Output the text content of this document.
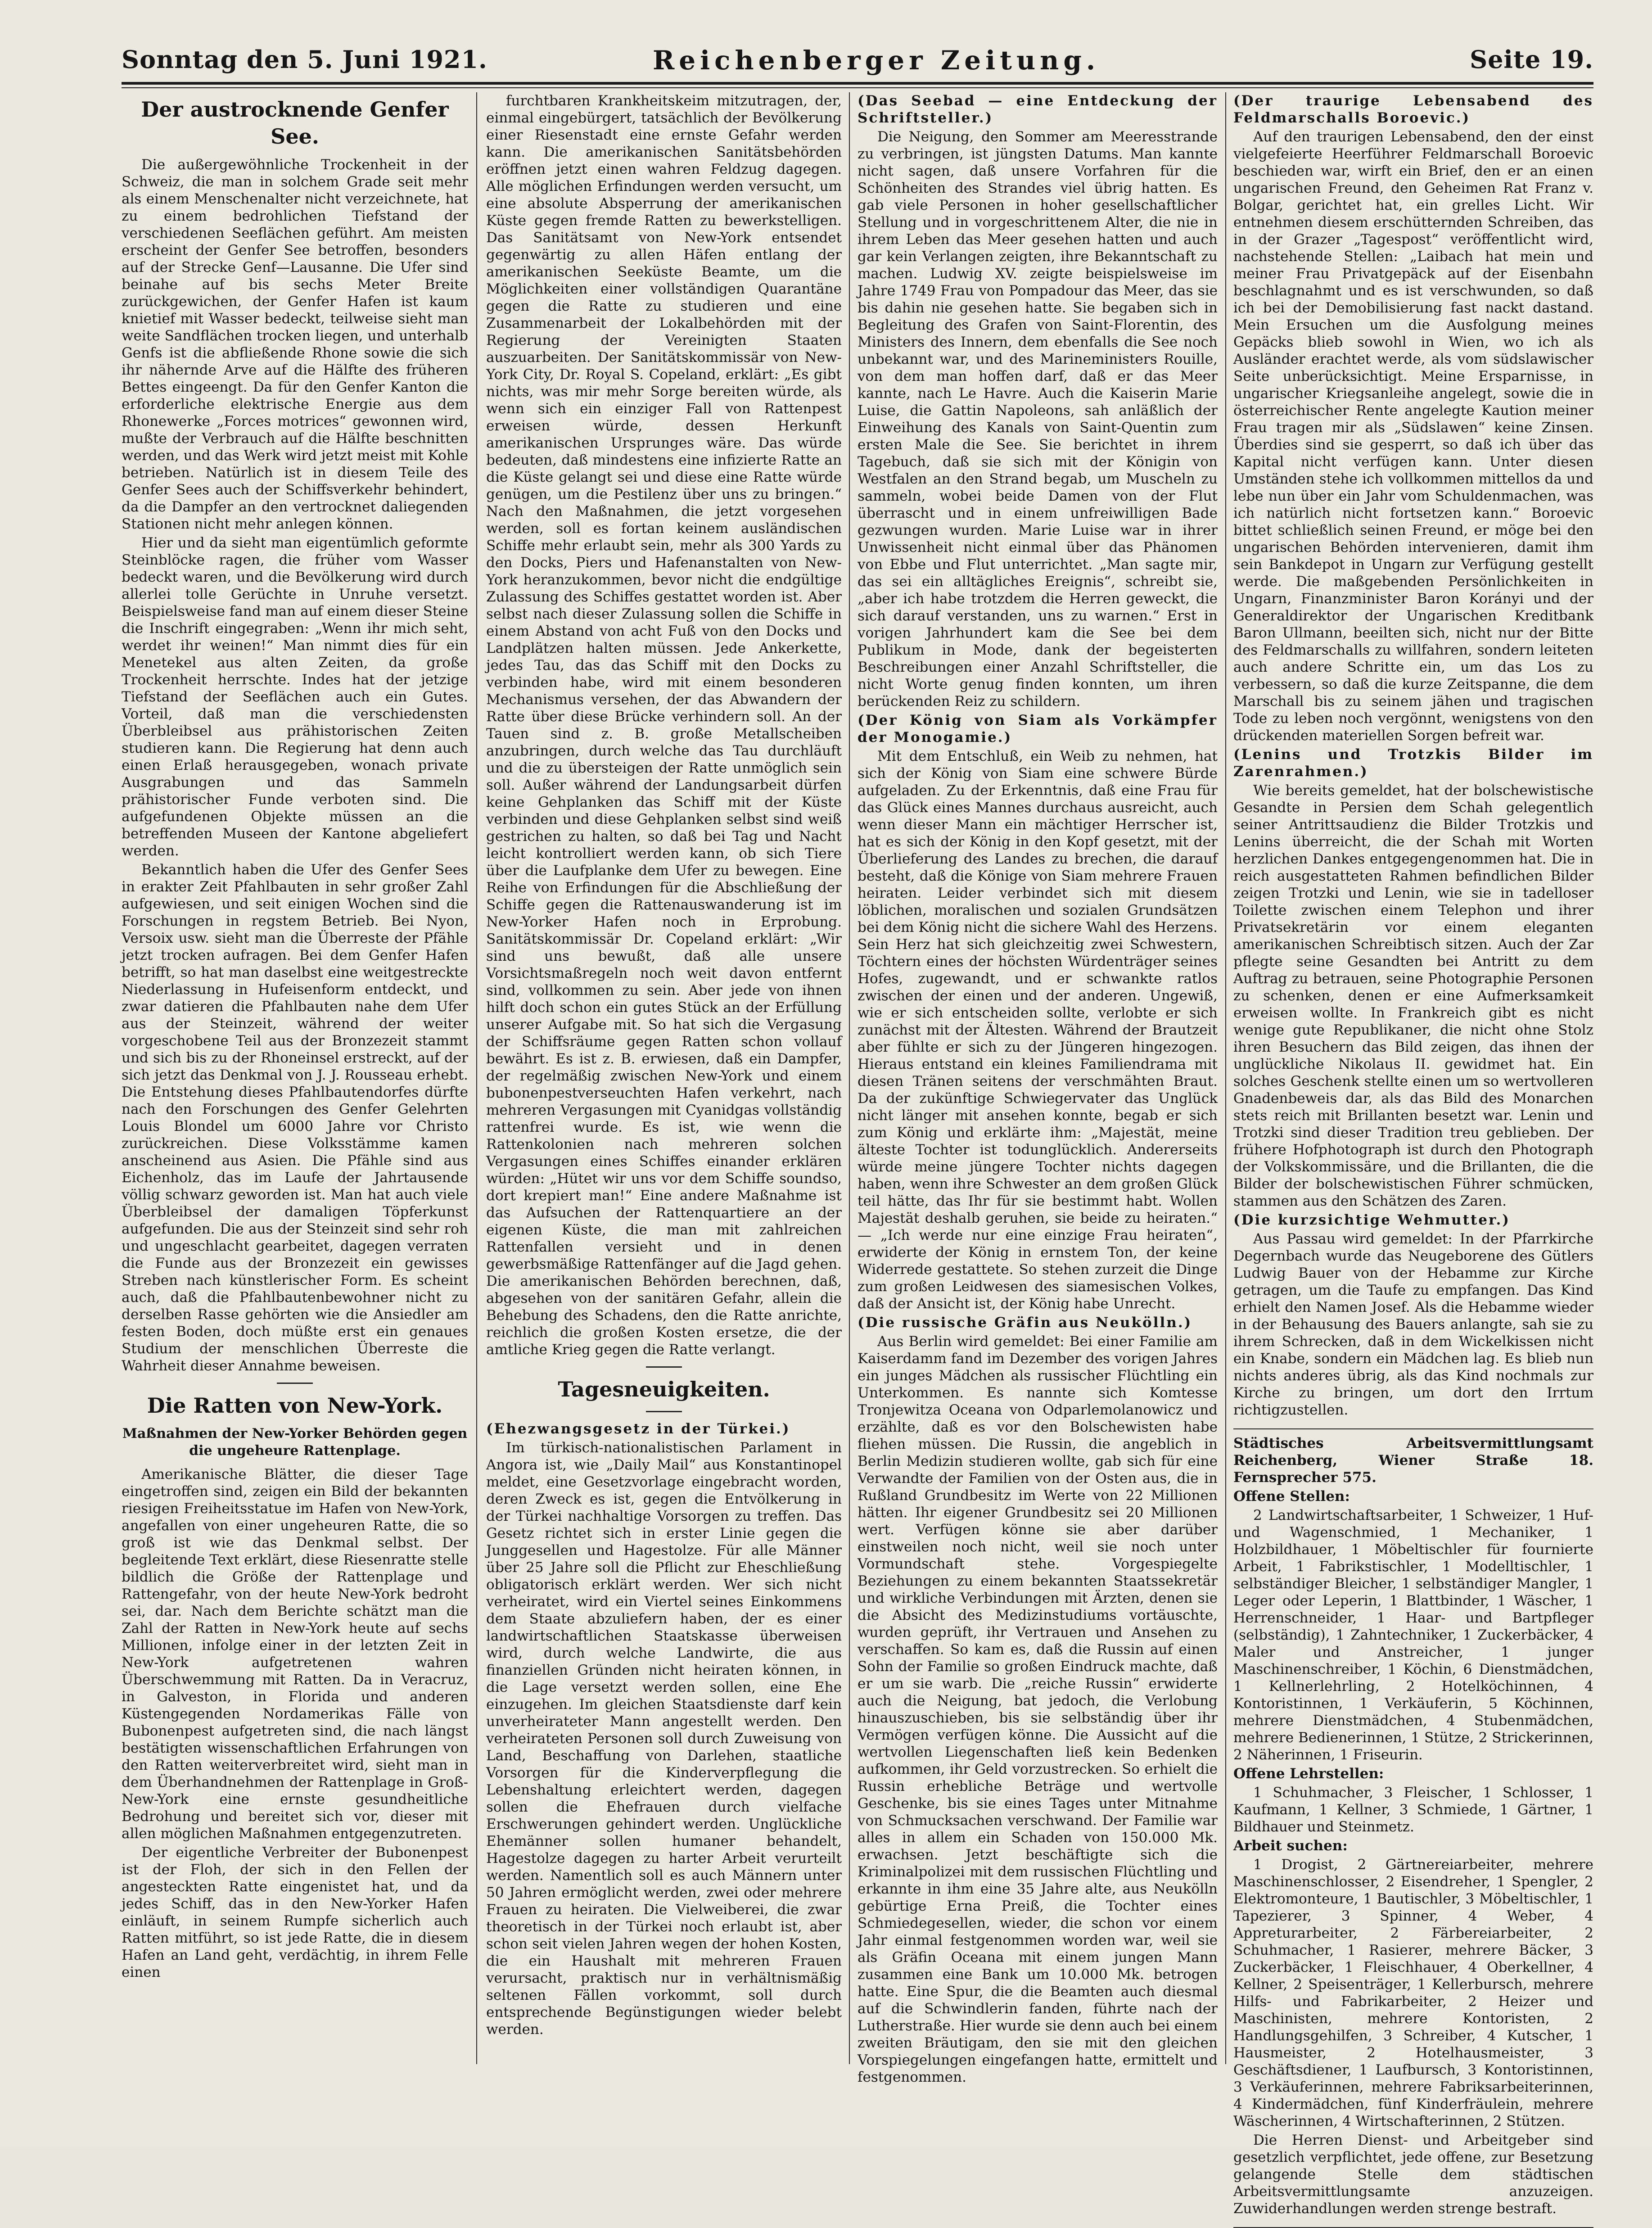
Sonntag den 5. Juni 1921.	Reichenberger Zeitung.	Seite 19.
Der austrocknende Genfer See.

Die außergewöhnliche Trockenheit in der Schweiz, die man in solchem Grade seit mehr als einem Menschenalter nicht verzeichnete, hat zu einem bedrohlichen Tiefstand der verschiedenen Seeflächen geführt. Am meisten erscheint der Genfer See betroffen, besonders auf der Strecke Genf—Lausanne. Die Ufer sind beinahe auf bis sechs Meter Breite zurückgewichen, der Genfer Hafen ist kaum knietief mit Wasser bedeckt, teilweise sieht man weite Sandflächen trocken liegen, und unterhalb Genfs ist die abfließende Rhone sowie die sich ihr nähernde Arve auf die Hälfte des früheren Bettes eingeengt. Da für den Genfer Kanton die erforderliche elektrische Energie aus dem Rhonewerke „Forces motrices“ gewonnen wird, mußte der Verbrauch auf die Hälfte beschnitten werden, und das Werk wird jetzt meist mit Kohle betrieben. Natürlich ist in diesem Teile des Genfer Sees auch der Schiffsverkehr behindert, da die Dampfer an den vertrocknet daliegenden Stationen nicht mehr anlegen können.

Hier und da sieht man eigentümlich geformte Steinblöcke ragen, die früher vom Wasser bedeckt waren, und die Bevölkerung wird durch allerlei tolle Gerüchte in Unruhe versetzt. Beispielsweise fand man auf einem dieser Steine die Inschrift eingegraben: „Wenn ihr mich seht, werdet ihr weinen!“ Man nimmt dies für ein Menetekel aus alten Zeiten, da große Trockenheit herrschte. Indes hat der jetzige Tiefstand der Seeflächen auch ein Gutes. Vorteil, daß man die verschiedensten Überbleibsel aus prähistorischen Zeiten studieren kann. Die Regierung hat denn auch einen Erlaß herausgegeben, wonach private Ausgrabungen und das Sammeln prähistorischer Funde verboten sind. Die aufgefundenen Objekte müssen an die betreffenden Museen der Kantone abgeliefert werden.

Bekanntlich haben die Ufer des Genfer Sees in erakter Zeit Pfahlbauten in sehr großer Zahl aufgewiesen, und seit einigen Wochen sind die Forschungen in regstem Betrieb. Bei Nyon, Versoix usw. sieht man die Überreste der Pfähle jetzt trocken aufragen. Bei dem Genfer Hafen betrifft, so hat man daselbst eine weitgestreckte Niederlassung in Hufeisenform entdeckt, und zwar datieren die Pfahlbauten nahe dem Ufer aus der Steinzeit, während der weiter vorgeschobene Teil aus der Bronzezeit stammt und sich bis zu der Rhoneinsel erstreckt, auf der sich jetzt das Denkmal von J. J. Rousseau erhebt. Die Entstehung dieses Pfahlbautendorfes dürfte nach den Forschungen des Genfer Gelehrten Louis Blondel um 6000 Jahre vor Christo zurückreichen. Diese Volksstämme kamen anscheinend aus Asien. Die Pfähle sind aus Eichenholz, das im Laufe der Jahrtausende völlig schwarz geworden ist. Man hat auch viele Überbleibsel der damaligen Töpferkunst aufgefunden. Die aus der Steinzeit sind sehr roh und ungeschlacht gearbeitet, dagegen verraten die Funde aus der Bronzezeit ein gewisses Streben nach künstlerischer Form. Es scheint auch, daß die Pfahlbautenbewohner nicht zu derselben Rasse gehörten wie die Ansiedler am festen Boden, doch müßte erst ein genaues Studium der menschlichen Überreste die Wahrheit dieser Annahme beweisen.

Die Ratten von New-York.
Maßnahmen der New-Yorker Behörden gegen die ungeheure Rattenplage.

Amerikanische Blätter, die dieser Tage eingetroffen sind, zeigen ein Bild der bekannten riesigen Freiheitsstatue im Hafen von New-York, angefallen von einer ungeheuren Ratte, die so groß ist wie das Denkmal selbst. Der begleitende Text erklärt, diese Riesenratte stelle bildlich die Größe der Rattenplage und Rattengefahr, von der heute New-York bedroht sei, dar. Nach dem Berichte schätzt man die Zahl der Ratten in New-York heute auf sechs Millionen, infolge einer in der letzten Zeit in New-York aufgetretenen wahren Überschwemmung mit Ratten. Da in Veracruz, in Galveston, in Florida und anderen Küstengegenden Nordamerikas Fälle von Bubonenpest aufgetreten sind, die nach längst bestätigten wissenschaftlichen Erfahrungen von den Ratten weiterverbreitet wird, sieht man in dem Überhandnehmen der Rattenplage in Groß-New-York eine ernste gesundheitliche Bedrohung und bereitet sich vor, dieser mit allen möglichen Maßnahmen entgegenzutreten.

Der eigentliche Verbreiter der Bubonenpest ist der Floh, der sich in den Fellen der angesteckten Ratte eingenistet hat, und da jedes Schiff, das in den New-Yorker Hafen einläuft, in seinem Rumpfe sicherlich auch Ratten mitführt, so ist jede Ratte, die in diesem Hafen an Land geht, verdächtig, in ihrem Felle einen

furchtbaren Krankheitskeim mitzutragen, der, einmal eingebürgert, tatsächlich der Bevölkerung einer Riesenstadt eine ernste Gefahr werden kann. Die amerikanischen Sanitätsbehörden eröffnen jetzt einen wahren Feldzug dagegen. Alle möglichen Erfindungen werden versucht, um eine absolute Absperrung der amerikanischen Küste gegen fremde Ratten zu bewerkstelligen. Das Sanitätsamt von New-York entsendet gegenwärtig zu allen Häfen entlang der amerikanischen Seeküste Beamte, um die Möglichkeiten einer vollständigen Quarantäne gegen die Ratte zu studieren und eine Zusammenarbeit der Lokalbehörden mit der Regierung der Vereinigten Staaten auszuarbeiten. Der Sanitätskommissär von New-York City, Dr. Royal S. Copeland, erklärt: „Es gibt nichts, was mir mehr Sorge bereiten würde, als wenn sich ein einziger Fall von Rattenpest erweisen würde, dessen Herkunft amerikanischen Ursprunges wäre. Das würde bedeuten, daß mindestens eine infizierte Ratte an die Küste gelangt sei und diese eine Ratte würde genügen, um die Pestilenz über uns zu bringen.“ Nach den Maßnahmen, die jetzt vorgesehen werden, soll es fortan keinem ausländischen Schiffe mehr erlaubt sein, mehr als 300 Yards zu den Docks, Piers und Hafenanstalten von New-York heranzukommen, bevor nicht die endgültige Zulassung des Schiffes gestattet worden ist. Aber selbst nach dieser Zulassung sollen die Schiffe in einem Abstand von acht Fuß von den Docks und Landplätzen halten müssen. Jede Ankerkette, jedes Tau, das das Schiff mit den Docks zu verbinden habe, wird mit einem besonderen Mechanismus versehen, der das Abwandern der Ratte über diese Brücke verhindern soll. An der Tauen sind z. B. große Metallscheiben anzubringen, durch welche das Tau durchläuft und die zu übersteigen der Ratte unmöglich sein soll. Außer während der Landungsarbeit dürfen keine Gehplanken das Schiff mit der Küste verbinden und diese Gehplanken selbst sind weiß gestrichen zu halten, so daß bei Tag und Nacht leicht kontrolliert werden kann, ob sich Tiere über die Laufplanke dem Ufer zu bewegen. Eine Reihe von Erfindungen für die Abschließung der Schiffe gegen die Rattenauswanderung ist im New-Yorker Hafen noch in Erprobung. Sanitätskommissär Dr. Copeland erklärt: „Wir sind uns bewußt, daß alle unsere Vorsichtsmaßregeln noch weit davon entfernt sind, vollkommen zu sein. Aber jede von ihnen hilft doch schon ein gutes Stück an der Erfüllung unserer Aufgabe mit. So hat sich die Vergasung der Schiffsräume gegen Ratten schon vollauf bewährt. Es ist z. B. erwiesen, daß ein Dampfer, der regelmäßig zwischen New-York und einem bubonenpestverseuchten Hafen verkehrt, nach mehreren Vergasungen mit Cyanidgas vollständig rattenfrei wurde. Es ist, wie wenn die Rattenkolonien nach mehreren solchen Vergasungen eines Schiffes einander erklären würden: „Hütet wir uns vor dem Schiffe soundso, dort krepiert man!“ Eine andere Maßnahme ist das Aufsuchen der Rattenquartiere an der eigenen Küste, die man mit zahlreichen Rattenfallen versieht und in denen gewerbsmäßige Rattenfänger auf die Jagd gehen. Die amerikanischen Behörden berechnen, daß, abgesehen von der sanitären Gefahr, allein die Behebung des Schadens, den die Ratte anrichte, reichlich die großen Kosten ersetze, die der amtliche Krieg gegen die Ratte verlangt.

Tagesneuigkeiten.

(Ehezwangsgesetz in der Türkei.)

Im türkisch-nationalistischen Parlament in Angora ist, wie „Daily Mail“ aus Konstantinopel meldet, eine Gesetzvorlage eingebracht worden, deren Zweck es ist, gegen die Entvölkerung in der Türkei nachhaltige Vorsorgen zu treffen. Das Gesetz richtet sich in erster Linie gegen die Junggesellen und Hagestolze. Für alle Männer über 25 Jahre soll die Pflicht zur Eheschließung obligatorisch erklärt werden. Wer sich nicht verheiratet, wird ein Viertel seines Einkommens dem Staate abzuliefern haben, der es einer landwirtschaftlichen Staatskasse überweisen wird, durch welche Landwirte, die aus finanziellen Gründen nicht heiraten können, in die Lage versetzt werden sollen, eine Ehe einzugehen. Im gleichen Staatsdienste darf kein unverheirateter Mann angestellt werden. Den verheirateten Personen soll durch Zuweisung von Land, Beschaffung von Darlehen, staatliche Vorsorgen für die Kinderverpflegung die Lebenshaltung erleichtert werden, dagegen sollen die Ehefrauen durch vielfache Erschwerungen gehindert werden. Unglückliche Ehemänner sollen humaner behandelt, Hagestolze dagegen zu harter Arbeit verurteilt werden. Namentlich soll es auch Männern unter 50 Jahren ermöglicht werden, zwei oder mehrere Frauen zu heiraten. Die Vielweiberei, die zwar theoretisch in der Türkei noch erlaubt ist, aber schon seit vielen Jahren wegen der hohen Kosten, die ein Haushalt mit mehreren Frauen verursacht, praktisch nur in verhältnismäßig seltenen Fällen vorkommt, soll durch entsprechende Begünstigungen wieder belebt werden.

(Das Seebad — eine Entdeckung der Schriftsteller.)

Die Neigung, den Sommer am Meeresstrande zu verbringen, ist jüngsten Datums. Man kannte nicht sagen, daß unsere Vorfahren für die Schönheiten des Strandes viel übrig hatten. Es gab viele Personen in hoher gesellschaftlicher Stellung und in vorgeschrittenem Alter, die nie in ihrem Leben das Meer gesehen hatten und auch gar kein Verlangen zeigten, ihre Bekanntschaft zu machen. Ludwig XV. zeigte beispielsweise im Jahre 1749 Frau von Pompadour das Meer, das sie bis dahin nie gesehen hatte. Sie begaben sich in Begleitung des Grafen von Saint-Florentin, des Ministers des Innern, dem ebenfalls die See noch unbekannt war, und des Marineministers Rouille, von dem man hoffen darf, daß er das Meer kannte, nach Le Havre. Auch die Kaiserin Marie Luise, die Gattin Napoleons, sah anläßlich der Einweihung des Kanals von Saint-Quentin zum ersten Male die See. Sie berichtet in ihrem Tagebuch, daß sie sich mit der Königin von Westfalen an den Strand begab, um Muscheln zu sammeln, wobei beide Damen von der Flut überrascht und in einem unfreiwilligen Bade gezwungen wurden. Marie Luise war in ihrer Unwissenheit nicht einmal über das Phänomen von Ebbe und Flut unterrichtet. „Man sagte mir, das sei ein alltägliches Ereignis“, schreibt sie, „aber ich habe trotzdem die Herren geweckt, die sich darauf verstanden, uns zu warnen.“ Erst in vorigen Jahrhundert kam die See bei dem Publikum in Mode, dank der begeisterten Beschreibungen einer Anzahl Schriftsteller, die nicht Worte genug finden konnten, um ihren berückenden Reiz zu schildern.

(Der König von Siam als Vorkämpfer der Monogamie.)

Mit dem Entschluß, ein Weib zu nehmen, hat sich der König von Siam eine schwere Bürde aufgeladen. Zu der Erkenntnis, daß eine Frau für das Glück eines Mannes durchaus ausreicht, auch wenn dieser Mann ein mächtiger Herrscher ist, hat es sich der König in den Kopf gesetzt, mit der Überlieferung des Landes zu brechen, die darauf besteht, daß die Könige von Siam mehrere Frauen heiraten. Leider verbindet sich mit diesem löblichen, moralischen und sozialen Grundsätzen bei dem König nicht die sichere Wahl des Herzens. Sein Herz hat sich gleichzeitig zwei Schwestern, Töchtern eines der höchsten Würdenträger seines Hofes, zugewandt, und er schwankte ratlos zwischen der einen und der anderen. Ungewiß, wie er sich entscheiden sollte, verlobte er sich zunächst mit der Ältesten. Während der Brautzeit aber fühlte er sich zu der Jüngeren hingezogen. Hieraus entstand ein kleines Familiendrama mit diesen Tränen seitens der verschmähten Braut. Da der zukünftige Schwiegervater das Unglück nicht länger mit ansehen konnte, begab er sich zum König und erklärte ihm: „Majestät, meine älteste Tochter ist todunglücklich. Andererseits würde meine jüngere Tochter nichts dagegen haben, wenn ihre Schwester an dem großen Glück teil hätte, das Ihr für sie bestimmt habt. Wollen Majestät deshalb geruhen, sie beide zu heiraten.“ — „Ich werde nur eine einzige Frau heiraten“, erwiderte der König in ernstem Ton, der keine Widerrede gestattete. So stehen zurzeit die Dinge zum großen Leidwesen des siamesischen Volkes, daß der Ansicht ist, der König habe Unrecht.

(Die russische Gräfin aus Neukölln.)

Aus Berlin wird gemeldet: Bei einer Familie am Kaiserdamm fand im Dezember des vorigen Jahres ein junges Mädchen als russischer Flüchtling ein Unterkommen. Es nannte sich Komtesse Tronjewitza Oceana von Odparlemolanowicz und erzählte, daß es vor den Bolschewisten habe fliehen müssen. Die Russin, die angeblich in Berlin Medizin studieren wollte, gab sich für eine Verwandte der Familien von der Osten aus, die in Rußland Grundbesitz im Werte von 22 Millionen hätten. Ihr eigener Grundbesitz sei 20 Millionen wert. Verfügen könne sie aber darüber einstweilen noch nicht, weil sie noch unter Vormundschaft stehe. Vorgespiegelte Beziehungen zu einem bekannten Staatssekretär und wirkliche Verbindungen mit Ärzten, denen sie die Absicht des Medizinstudiums vortäuschte, wurden geprüft, ihr Vertrauen und Ansehen zu verschaffen. So kam es, daß die Russin auf einen Sohn der Familie so großen Eindruck machte, daß er um sie warb. Die „reiche Russin“ erwiderte auch die Neigung, bat jedoch, die Verlobung hinauszuschieben, bis sie selbständig über ihr Vermögen verfügen könne. Die Aussicht auf die wertvollen Liegenschaften ließ kein Bedenken aufkommen, ihr Geld vorzustrecken. So erhielt die Russin erhebliche Beträge und wertvolle Geschenke, bis sie eines Tages unter Mitnahme von Schmucksachen verschwand. Der Familie war alles in allem ein Schaden von 150.000 Mk. erwachsen. Jetzt beschäftigte sich die Kriminalpolizei mit dem russischen Flüchtling und erkannte in ihm eine 35 Jahre alte, aus Neukölln gebürtige Erna Preiß, die Tochter eines Schmiedegesellen, wieder, die schon vor einem Jahr einmal festgenommen worden war, weil sie als Gräfin Oceana mit einem jungen Mann zusammen eine Bank um 10.000 Mk. betrogen hatte. Eine Spur, die die Beamten auch diesmal auf die Schwindlerin fanden, führte nach der Lutherstraße. Hier wurde sie denn auch bei einem zweiten Bräutigam, den sie mit den gleichen Vorspiegelungen eingefangen hatte, ermittelt und festgenommen.

(Der traurige Lebensabend des Feldmarschalls Boroevic.)

Auf den traurigen Lebensabend, den der einst vielgefeierte Heerführer Feldmarschall Boroevic beschieden war, wirft ein Brief, den er an einen ungarischen Freund, den Geheimen Rat Franz v. Bolgar, gerichtet hat, ein grelles Licht. Wir entnehmen diesem erschütternden Schreiben, das in der Grazer „Tagespost“ veröffentlicht wird, nachstehende Stellen: „Laibach hat mein und meiner Frau Privatgepäck auf der Eisenbahn beschlagnahmt und es ist verschwunden, so daß ich bei der Demobilisierung fast nackt dastand. Mein Ersuchen um die Ausfolgung meines Gepäcks blieb sowohl in Wien, wo ich als Ausländer erachtet werde, als vom südslawischer Seite unberücksichtigt. Meine Ersparnisse, in ungarischer Kriegsanleihe angelegt, sowie die in österreichischer Rente angelegte Kaution meiner Frau tragen mir als „Südslawen“ keine Zinsen. Überdies sind sie gesperrt, so daß ich über das Kapital nicht verfügen kann. Unter diesen Umständen stehe ich vollkommen mittellos da und lebe nun über ein Jahr vom Schuldenmachen, was ich natürlich nicht fortsetzen kann.“ Boroevic bittet schließlich seinen Freund, er möge bei den ungarischen Behörden intervenieren, damit ihm sein Bankdepot in Ungarn zur Verfügung gestellt werde. Die maßgebenden Persönlichkeiten in Ungarn, Finanzminister Baron Korányi und der Generaldirektor der Ungarischen Kreditbank Baron Ullmann, beeilten sich, nicht nur der Bitte des Feldmarschalls zu willfahren, sondern leiteten auch andere Schritte ein, um das Los zu verbessern, so daß die kurze Zeitspanne, die dem Marschall bis zu seinem jähen und tragischen Tode zu leben noch vergönnt, wenigstens von den drückenden materiellen Sorgen befreit war.

(Lenins und Trotzkis Bilder im Zarenrahmen.)

Wie bereits gemeldet, hat der bolschewistische Gesandte in Persien dem Schah gelegentlich seiner Antrittsaudienz die Bilder Trotzkis und Lenins überreicht, die der Schah mit Worten herzlichen Dankes entgegengenommen hat. Die in reich ausgestatteten Rahmen befindlichen Bilder zeigen Trotzki und Lenin, wie sie in tadelloser Toilette zwischen einem Telephon und ihrer Privatsekretärin vor einem eleganten amerikanischen Schreibtisch sitzen. Auch der Zar pflegte seine Gesandten bei Antritt zu dem Auftrag zu betrauen, seine Photographie Personen zu schenken, denen er eine Aufmerksamkeit erweisen wollte. In Frankreich gibt es nicht wenige gute Republikaner, die nicht ohne Stolz ihren Besuchern das Bild zeigen, das ihnen der unglückliche Nikolaus II. gewidmet hat. Ein solches Geschenk stellte einen um so wertvolleren Gnadenbeweis dar, als das Bild des Monarchen stets reich mit Brillanten besetzt war. Lenin und Trotzki sind dieser Tradition treu geblieben. Der frühere Hofphotograph ist durch den Photograph der Volkskommissäre, und die Brillanten, die die Bilder der bolschewistischen Führer schmücken, stammen aus den Schätzen des Zaren.

(Die kurzsichtige Wehmutter.)

Aus Passau wird gemeldet: In der Pfarrkirche Degernbach wurde das Neugeborene des Gütlers Ludwig Bauer von der Hebamme zur Kirche getragen, um die Taufe zu empfangen. Das Kind erhielt den Namen Josef. Als die Hebamme wieder in der Behausung des Bauers anlangte, sah sie zu ihrem Schrecken, daß in dem Wickelkissen nicht ein Knabe, sondern ein Mädchen lag. Es blieb nun nichts anderes übrig, als das Kind nochmals zur Kirche zu bringen, um dort den Irrtum richtigzustellen.

Städtisches Arbeitsvermittlungsamt Reichenberg, Wiener Straße 18. Fernsprecher 575.

Offene Stellen:

2 Landwirtschaftsarbeiter, 1 Schweizer, 1 Huf- und Wagenschmied, 1 Mechaniker, 1 Holzbildhauer, 1 Möbeltischler für fournierte Arbeit, 1 Fabrikstischler, 1 Modelltischler, 1 selbständiger Bleicher, 1 selbständiger Mangler, 1 Leger oder Leperin, 1 Blattbinder, 1 Wäscher, 1 Herrenschneider, 1 Haar- und Bartpfleger (selbständig), 1 Zahntechniker, 1 Zuckerbäcker, 4 Maler und Anstreicher, 1 junger Maschinenschreiber, 1 Köchin, 6 Dienstmädchen, 1 Kellnerlehrling, 2 Hotelköchinnen, 4 Kontoristinnen, 1 Verkäuferin, 5 Köchinnen, mehrere Dienstmädchen, 4 Stubenmädchen, mehrere Bedienerinnen, 1 Stütze, 2 Strickerinnen, 2 Näherinnen, 1 Friseurin.

Offene Lehrstellen:

1 Schuhmacher, 3 Fleischer, 1 Schlosser, 1 Kaufmann, 1 Kellner, 3 Schmiede, 1 Gärtner, 1 Bildhauer und Steinmetz.

Arbeit suchen:

1 Drogist, 2 Gärtnereiarbeiter, mehrere Maschinenschlosser, 2 Eisendreher, 1 Spengler, 2 Elektromonteure, 1 Bautischler, 3 Möbeltischler, 1 Tapezierer, 3 Spinner, 4 Weber, 4 Appreturarbeiter, 2 Färbereiarbeiter, 2 Schuhmacher, 1 Rasierer, mehrere Bäcker, 3 Zuckerbäcker, 1 Fleischhauer, 4 Oberkellner, 4 Kellner, 2 Speisenträger, 1 Kellerbursch, mehrere Hilfs- und Fabrikarbeiter, 2 Heizer und Maschinisten, mehrere Kontoristen, 2 Handlungsgehilfen, 3 Schreiber, 4 Kutscher, 1 Hausmeister, 2 Hotelhausmeister, 3 Geschäftsdiener, 1 Laufbursch, 3 Kontoristinnen, 3 Verkäuferinnen, mehrere Fabriksarbeiterinnen, 4 Kindermädchen, fünf Kinderfräulein, mehrere Wäscherinnen, 4 Wirtschafterinnen, 2 Stützen.

Die Herren Dienst- und Arbeitgeber sind gesetzlich verpflichtet, jede offene, zur Besetzung gelangende Stelle dem städtischen Arbeitsvermittlungsamte anzuzeigen. Zuwiderhandlungen werden strenge bestraft.
